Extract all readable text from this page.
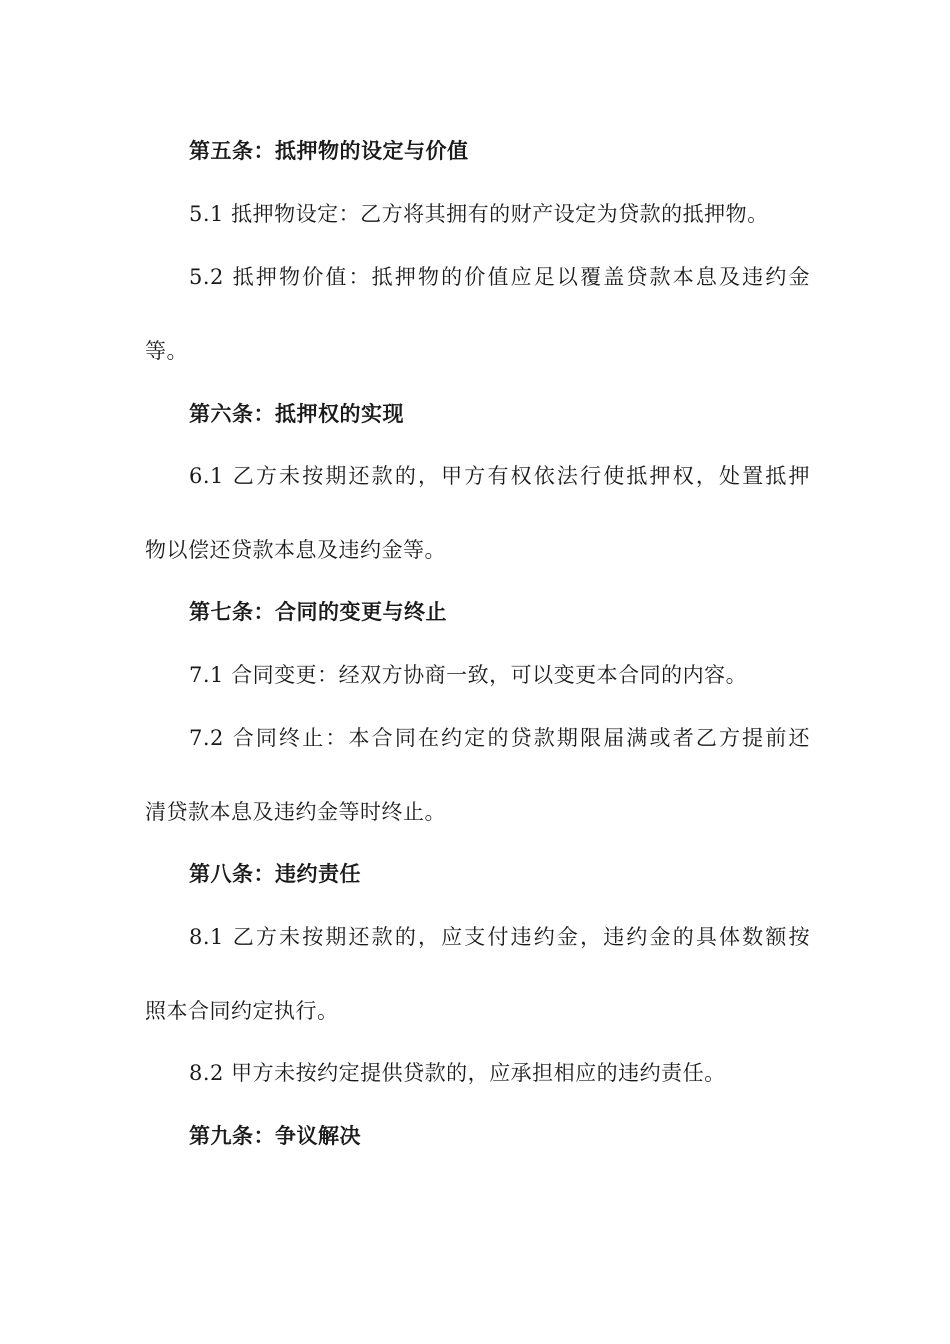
第五条：抵押物的设定与价值
5.1 抵押物设定：乙方将其拥有的财产设定为贷款的抵押物。
5.2 抵押物价值：抵押物的价值应足以覆盖贷款本息及违约金
等。
第六条：抵押权的实现
6.1 乙方未按期还款的，甲方有权依法行使抵押权，处置抵押
物以偿还贷款本息及违约金等。
第七条：合同的变更与终止
7.1 合同变更：经双方协商一致，可以变更本合同的内容。
7.2 合同终止：本合同在约定的贷款期限届满或者乙方提前还
清贷款本息及违约金等时终止。
第八条：违约责任
8.1 乙方未按期还款的，应支付违约金，违约金的具体数额按
照本合同约定执行。
8.2 甲方未按约定提供贷款的，应承担相应的违约责任。
第九条：争议解决
